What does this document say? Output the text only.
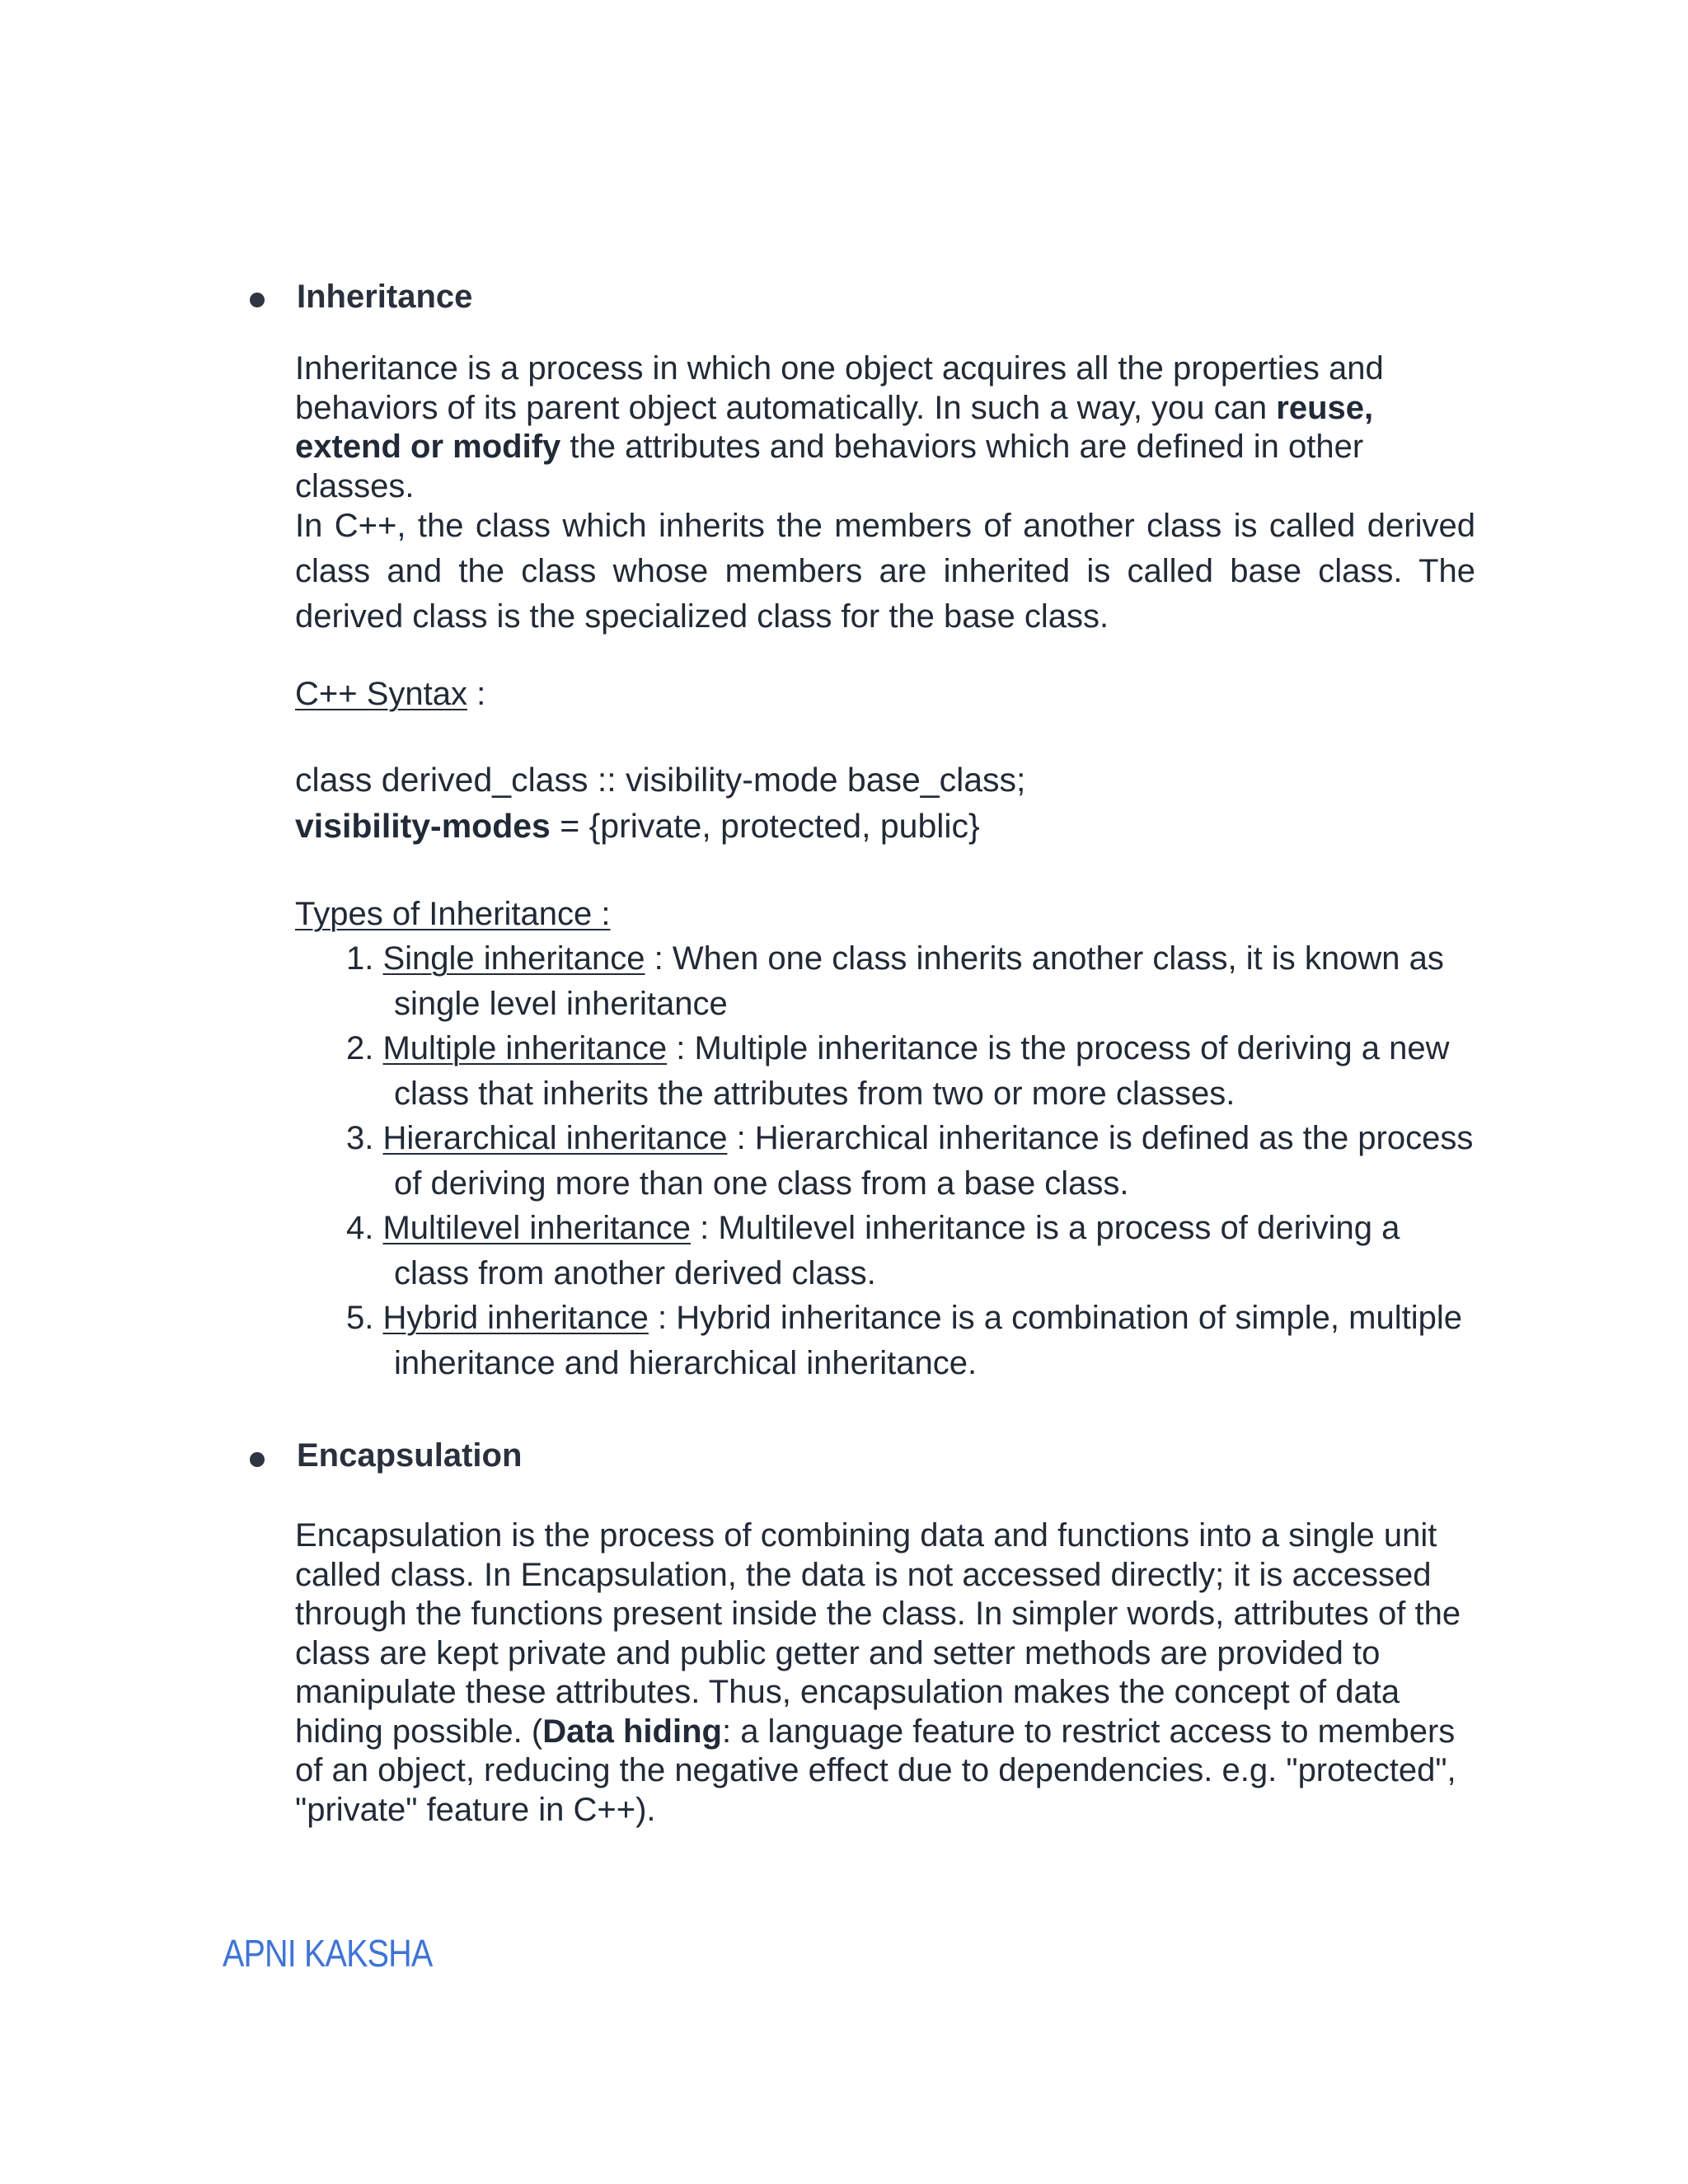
Inheritance

Inheritance is a process in which one object acquires all the properties and behaviors of its parent object automatically. In such a way, you can reuse, extend or modify the attributes and behaviors which are defined in other classes.

In C++, the class which inherits the members of another class is called derived class and the class whose members are inherited is called base class. The derived class is the specialized class for the base class.

C++ Syntax :

class derived_class :: visibility-mode base_class;

visibility-modes = {private, protected, public}

Types of Inheritance :

1. Single inheritance : When one class inherits another class, it is known as single level inheritance
2. Multiple inheritance : Multiple inheritance is the process of deriving a new class that inherits the attributes from two or more classes.
3. Hierarchical inheritance : Hierarchical inheritance is defined as the process of deriving more than one class from a base class.
4. Multilevel inheritance : Multilevel inheritance is a process of deriving a class from another derived class.
5. Hybrid inheritance : Hybrid inheritance is a combination of simple, multiple inheritance and hierarchical inheritance.
Encapsulation

Encapsulation is the process of combining data and functions into a single unit called class. In Encapsulation, the data is not accessed directly; it is accessed through the functions present inside the class. In simpler words, attributes of the class are kept private and public getter and setter methods are provided to manipulate these attributes. Thus, encapsulation makes the concept of data hiding possible. (Data hiding: a language feature to restrict access to members of an object, reducing the negative effect due to dependencies. e.g. "protected", "private" feature in C++).

APNI KAKSHA
